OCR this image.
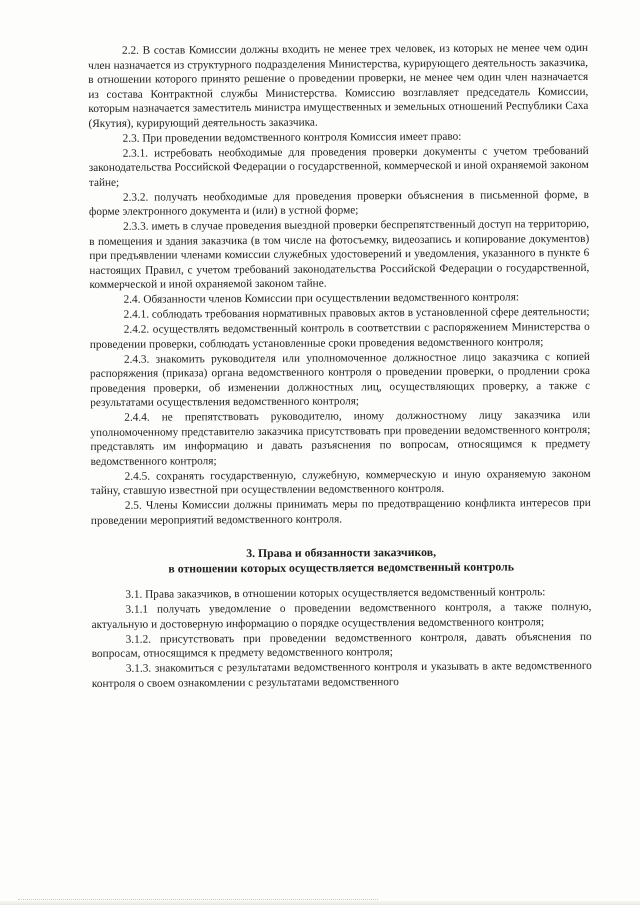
2.2. В состав Комиссии должны входить не менее трех человек, из которых не менее чем один член назначается из структурного подразделения Министерства, курирующего деятельность заказчика, в отношении которого принято решение о проведении проверки, не менее чем один член назначается из состава Контрактной службы Министерства. Комиссию возглавляет председатель Комиссии, которым назначается заместитель министра имущественных и земельных отношений Республики Саха (Якутия), курирующий деятельность заказчика.

2.3. При проведении ведомственного контроля Комиссия имеет право:

2.3.1. истребовать необходимые для проведения проверки документы с учетом требований законодательства Российской Федерации о государственной, коммерческой и иной охраняемой законом тайне;

2.3.2. получать необходимые для проведения проверки объяснения в письменной форме, в форме электронного документа и (или) в устной форме;

2.3.3. иметь в случае проведения выездной проверки беспрепятственный доступ на территорию, в помещения и здания заказчика (в том числе на фотосъемку, видеозапись и копирование документов) при предъявлении членами комиссии служебных удостоверений и уведомления, указанного в пункте 6 настоящих Правил, с учетом требований законодательства Российской Федерации о государственной, коммерческой и иной охраняемой законом тайне.

2.4. Обязанности членов Комиссии при осуществлении ведомственного контроля:

2.4.1. соблюдать требования нормативных правовых актов в установленной сфере деятельности;

2.4.2. осуществлять ведомственный контроль в соответствии с распоряжением Министерства о проведении проверки, соблюдать установленные сроки проведения ведомственного контроля;

2.4.3. знакомить руководителя или уполномоченное должностное лицо заказчика с копией распоряжения (приказа) органа ведомственного контроля о проведении проверки, о продлении срока проведения проверки, об изменении должностных лиц, осуществляющих проверку, а также с результатами осуществления ведомственного контроля;

2.4.4. не препятствовать руководителю, иному должностному лицу заказчика или уполномоченному представителю заказчика присутствовать при проведении ведомственного контроля; представлять им информацию и давать разъяснения по вопросам, относящимся к предмету ведомственного контроля;

2.4.5. сохранять государственную, служебную, коммерческую и иную охраняемую законом тайну, ставшую известной при осуществлении ведомственного контроля.

2.5. Члены Комиссии должны принимать меры по предотвращению конфликта интересов при проведении мероприятий ведомственного контроля.

3. Права и обязанности заказчиков,
в отношении которых осуществляется ведомственный контроль

3.1. Права заказчиков, в отношении которых осуществляется ведомственный контроль:

3.1.1 получать уведомление о проведении ведомственного контроля, а также полную, актуальную и достоверную информацию о порядке осуществления ведомственного контроля;

3.1.2. присутствовать при проведении ведомственного контроля, давать объяснения по вопросам, относящимся к предмету ведомственного контроля;

3.1.3. знакомиться с результатами ведомственного контроля и указывать в акте ведомственного контроля о своем ознакомлении с результатами ведомственного
